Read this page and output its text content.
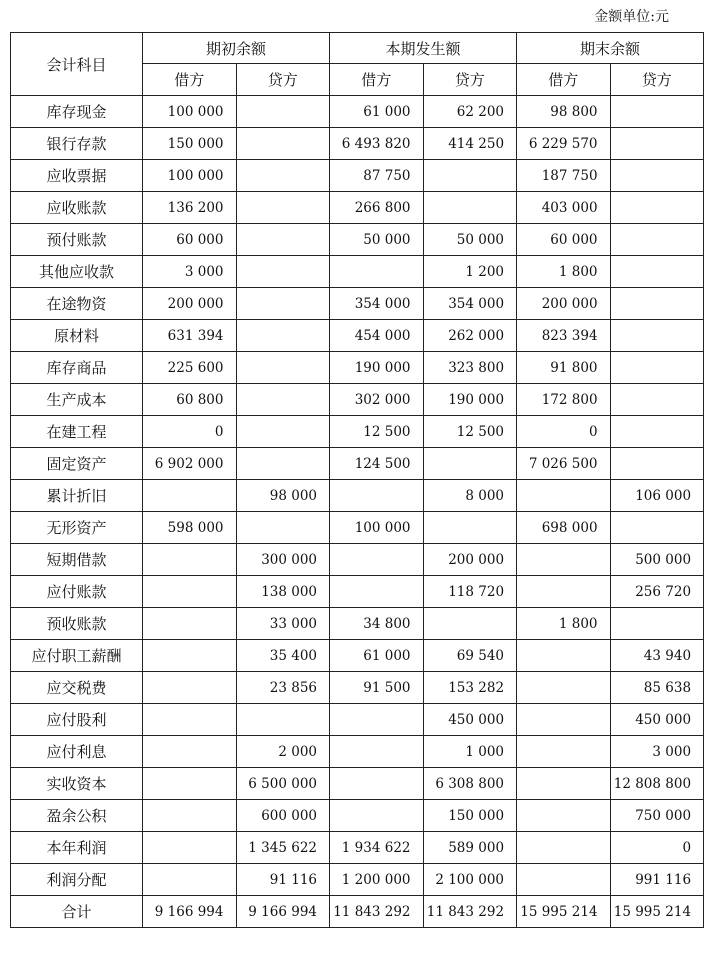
金额单位:元
会计科目	期初余额		本期发生额		期末余额	
	借方	贷方	借方	贷方	借方	贷方
库存现金	100 000		61 000	62 200	98 800	
银行存款	150 000		6 493 820	414 250	6 229 570	
应收票据	100 000		87 750		187 750	
应收账款	136 200		266 800		403 000	
预付账款	60 000		50 000	50 000	60 000	
其他应收款	3 000			1 200	1 800	
在途物资	200 000		354 000	354 000	200 000	
原材料	631 394		454 000	262 000	823 394	
库存商品	225 600		190 000	323 800	91 800	
生产成本	60 800		302 000	190 000	172 800	
在建工程	0		12 500	12 500	0	
固定资产	6 902 000		124 500		7 026 500	
累计折旧		98 000		8 000		106 000
无形资产	598 000		100 000		698 000	
短期借款		300 000		200 000		500 000
应付账款		138 000		118 720		256 720
预收账款		33 000	34 800		1 800	
应付职工薪酬		35 400	61 000	69 540		43 940
应交税费		23 856	91 500	153 282		85 638
应付股利				450 000		450 000
应付利息		2 000		1 000		3 000
实收资本		6 500 000		6 308 800		12 808 800
盈余公积		600 000		150 000		750 000
本年利润		1 345 622	1 934 622	589 000		0
利润分配		91 116	1 200 000	2 100 000		991 116
合计	9 166 994	9 166 994	11 843 292	11 843 292	15 995 214	15 995 214
